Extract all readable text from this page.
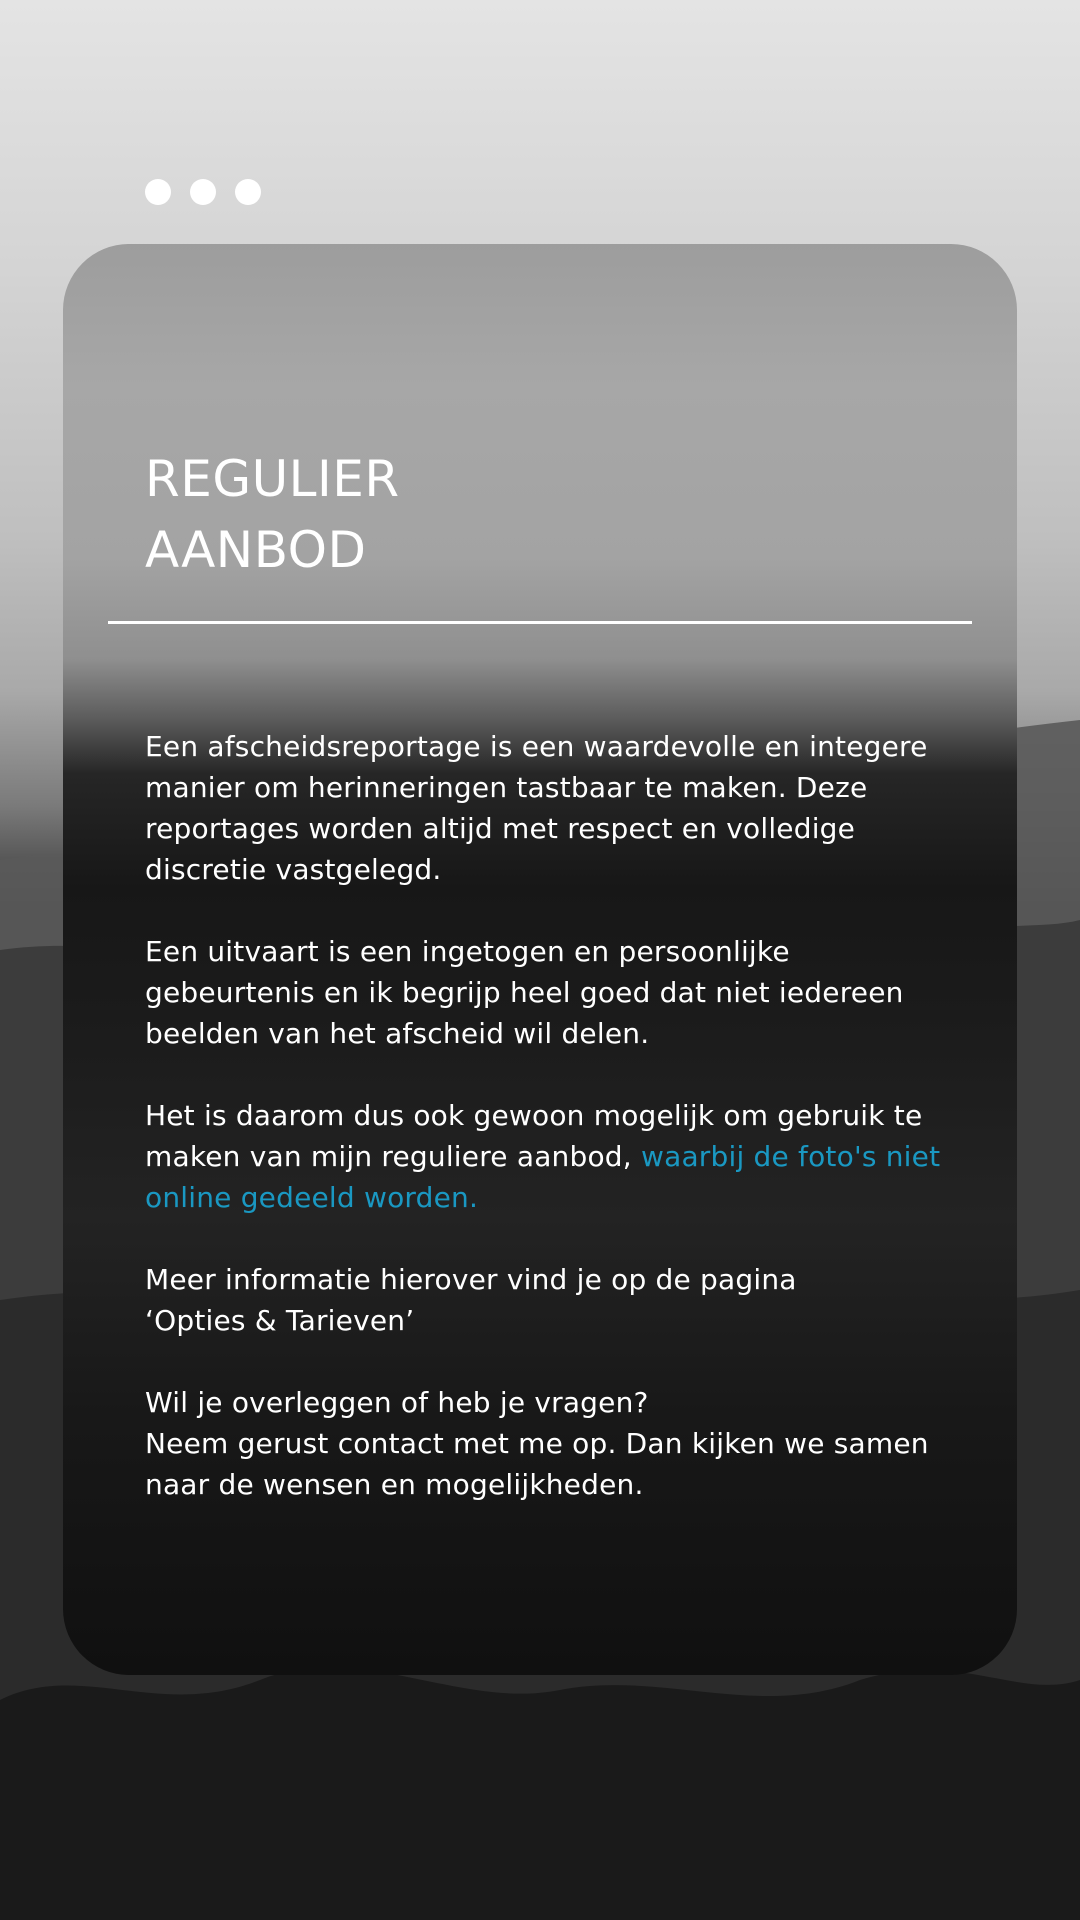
REGULIER
AANBOD

Een afscheidsreportage is een waardevolle en integere manier om herinneringen tastbaar te maken. Deze reportages worden altijd met respect en volledige discretie vastgelegd.

Een uitvaart is een ingetogen en persoonlijke gebeurtenis en ik begrijp heel goed dat niet iedereen beelden van het afscheid wil delen.

Het is daarom dus ook gewoon mogelijk om gebruik te maken van mijn reguliere aanbod, waarbij de foto's niet online gedeeld worden.

Meer informatie hierover vind je op de pagina
‘Opties & Tarieven’

Wil je overleggen of heb je vragen?
Neem gerust contact met me op. Dan kijken we samen naar de wensen en mogelijkheden.
